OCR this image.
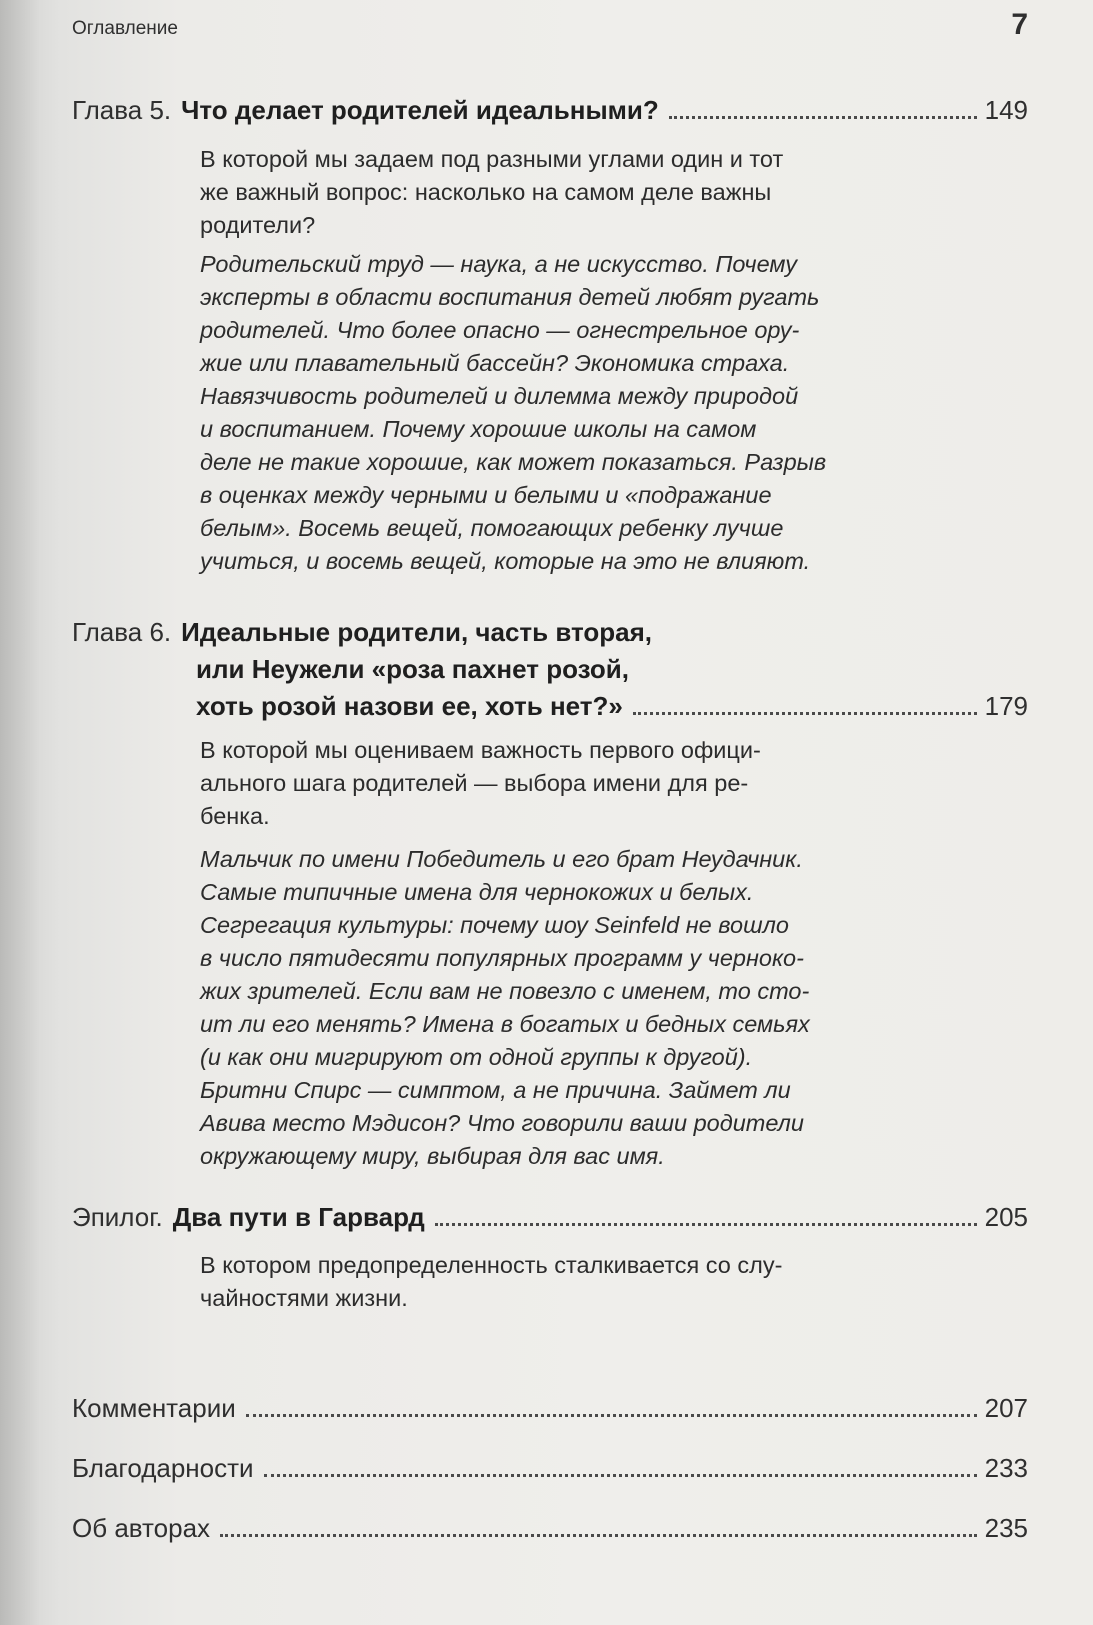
Оглавление	7
Глава 5. Что делает родителей идеальными?	149
В которой мы задаем под разными углами один и тот
же важный вопрос: насколько на самом деле важны
родители?
Родительский труд — наука, а не искусство. Почему
эксперты в области воспитания детей любят ругать
родителей. Что более опасно — огнестрельное ору-
жие или плавательный бассейн? Экономика страха.
Навязчивость родителей и дилемма между природой
и воспитанием. Почему хорошие школы на самом
деле не такие хорошие, как может показаться. Разрыв
в оценках между черными и белыми и «подражание
белым». Восемь вещей, помогающих ребенку лучше
учиться, и восемь вещей, которые на это не влияют.
Глава 6. Идеальные родители, часть вторая,
или Неужели «роза пахнет розой,
хоть розой назови ее, хоть нет?»	179
В которой мы оцениваем важность первого офици-
ального шага родителей — выбора имени для ре-
бенка.
Мальчик по имени Победитель и его брат Неудачник.
Самые типичные имена для чернокожих и белых.
Сегрегация культуры: почему шоу Seinfeld не вошло
в число пятидесяти популярных программ у черноко-
жих зрителей. Если вам не повезло с именем, то сто-
ит ли его менять? Имена в богатых и бедных семьях
(и как они мигрируют от одной группы к другой).
Бритни Спирс — симптом, а не причина. Займет ли
Авива место Мэдисон? Что говорили ваши родители
окружающему миру, выбирая для вас имя.
Эпилог. Два пути в Гарвард	205
В котором предопределенность сталкивается со слу-
чайностями жизни.
Комментарии	207
Благодарности	233
Об авторах	235
